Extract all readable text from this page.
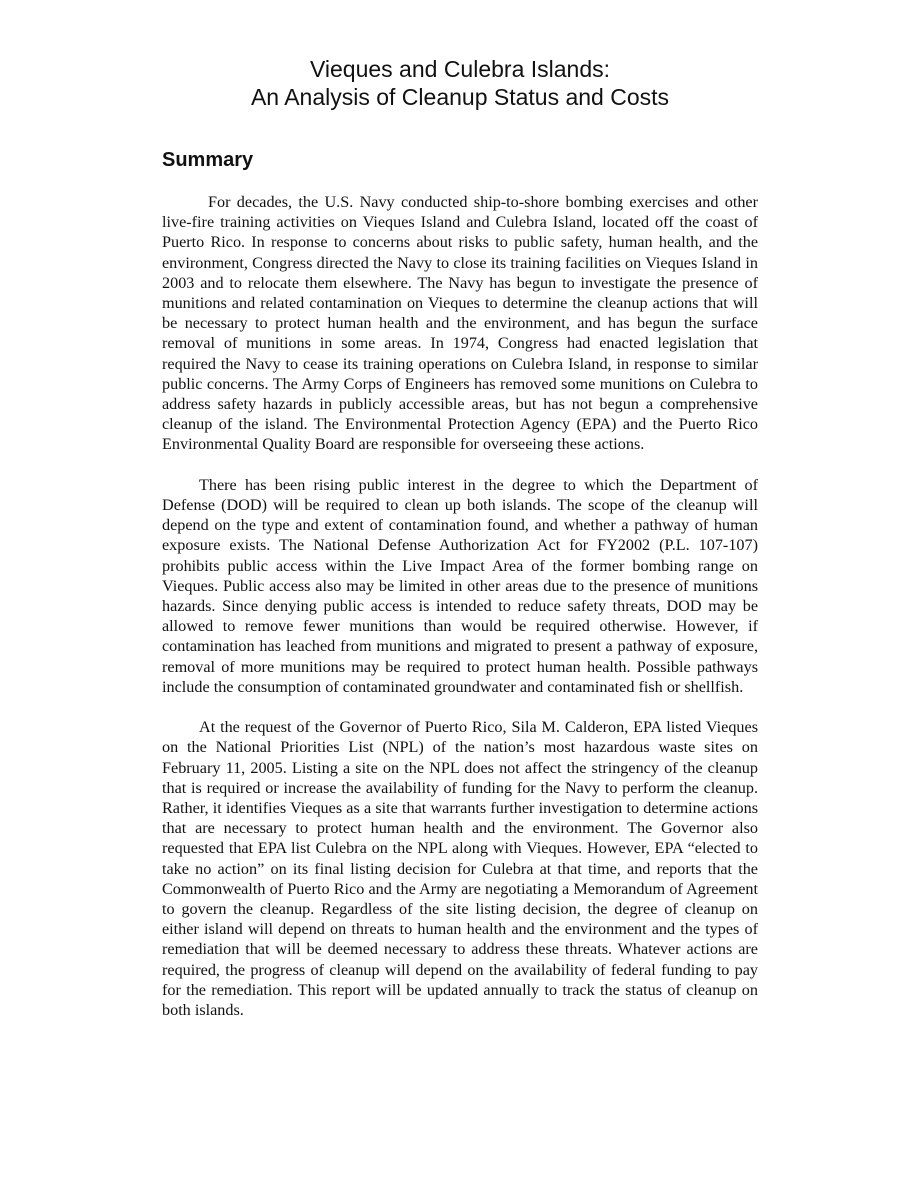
Vieques and Culebra Islands:
An Analysis of Cleanup Status and Costs
Summary

For decades, the U.S. Navy conducted ship-to-shore bombing exercises and other live-fire training activities on Vieques Island and Culebra Island, located off the coast of Puerto Rico. In response to concerns about risks to public safety, human health, and the environment, Congress directed the Navy to close its training facilities on Vieques Island in 2003 and to relocate them elsewhere. The Navy has begun to investigate the presence of munitions and related contamination on Vieques to determine the cleanup actions that will be necessary to protect human health and the environment, and has begun the surface removal of munitions in some areas. In 1974, Congress had enacted legislation that required the Navy to cease its training operations on Culebra Island, in response to similar public concerns. The Army Corps of Engineers has removed some munitions on Culebra to address safety hazards in publicly accessible areas, but has not begun a comprehensive cleanup of the island. The Environmental Protection Agency (EPA) and the Puerto Rico Environmental Quality Board are responsible for overseeing these actions.

There has been rising public interest in the degree to which the Department of Defense (DOD) will be required to clean up both islands. The scope of the cleanup will depend on the type and extent of contamination found, and whether a pathway of human exposure exists. The National Defense Authorization Act for FY2002 (P.L. 107-107) prohibits public access within the Live Impact Area of the former bombing range on Vieques. Public access also may be limited in other areas due to the presence of munitions hazards. Since denying public access is intended to reduce safety threats, DOD may be allowed to remove fewer munitions than would be required otherwise. However, if contamination has leached from munitions and migrated to present a pathway of exposure, removal of more munitions may be required to protect human health. Possible pathways include the consumption of contaminated groundwater and contaminated fish or shellfish.

At the request of the Governor of Puerto Rico, Sila M. Calderon, EPA listed Vieques on the National Priorities List (NPL) of the nation’s most hazardous waste sites on February 11, 2005. Listing a site on the NPL does not affect the stringency of the cleanup that is required or increase the availability of funding for the Navy to perform the cleanup. Rather, it identifies Vieques as a site that warrants further investigation to determine actions that are necessary to protect human health and the environment. The Governor also requested that EPA list Culebra on the NPL along with Vieques. However, EPA “elected to take no action” on its final listing decision for Culebra at that time, and reports that the Commonwealth of Puerto Rico and the Army are negotiating a Memorandum of Agreement to govern the cleanup. Regardless of the site listing decision, the degree of cleanup on either island will depend on threats to human health and the environment and the types of remediation that will be deemed necessary to address these threats. Whatever actions are required, the progress of cleanup will depend on the availability of federal funding to pay for the remediation. This report will be updated annually to track the status of cleanup on both islands.
